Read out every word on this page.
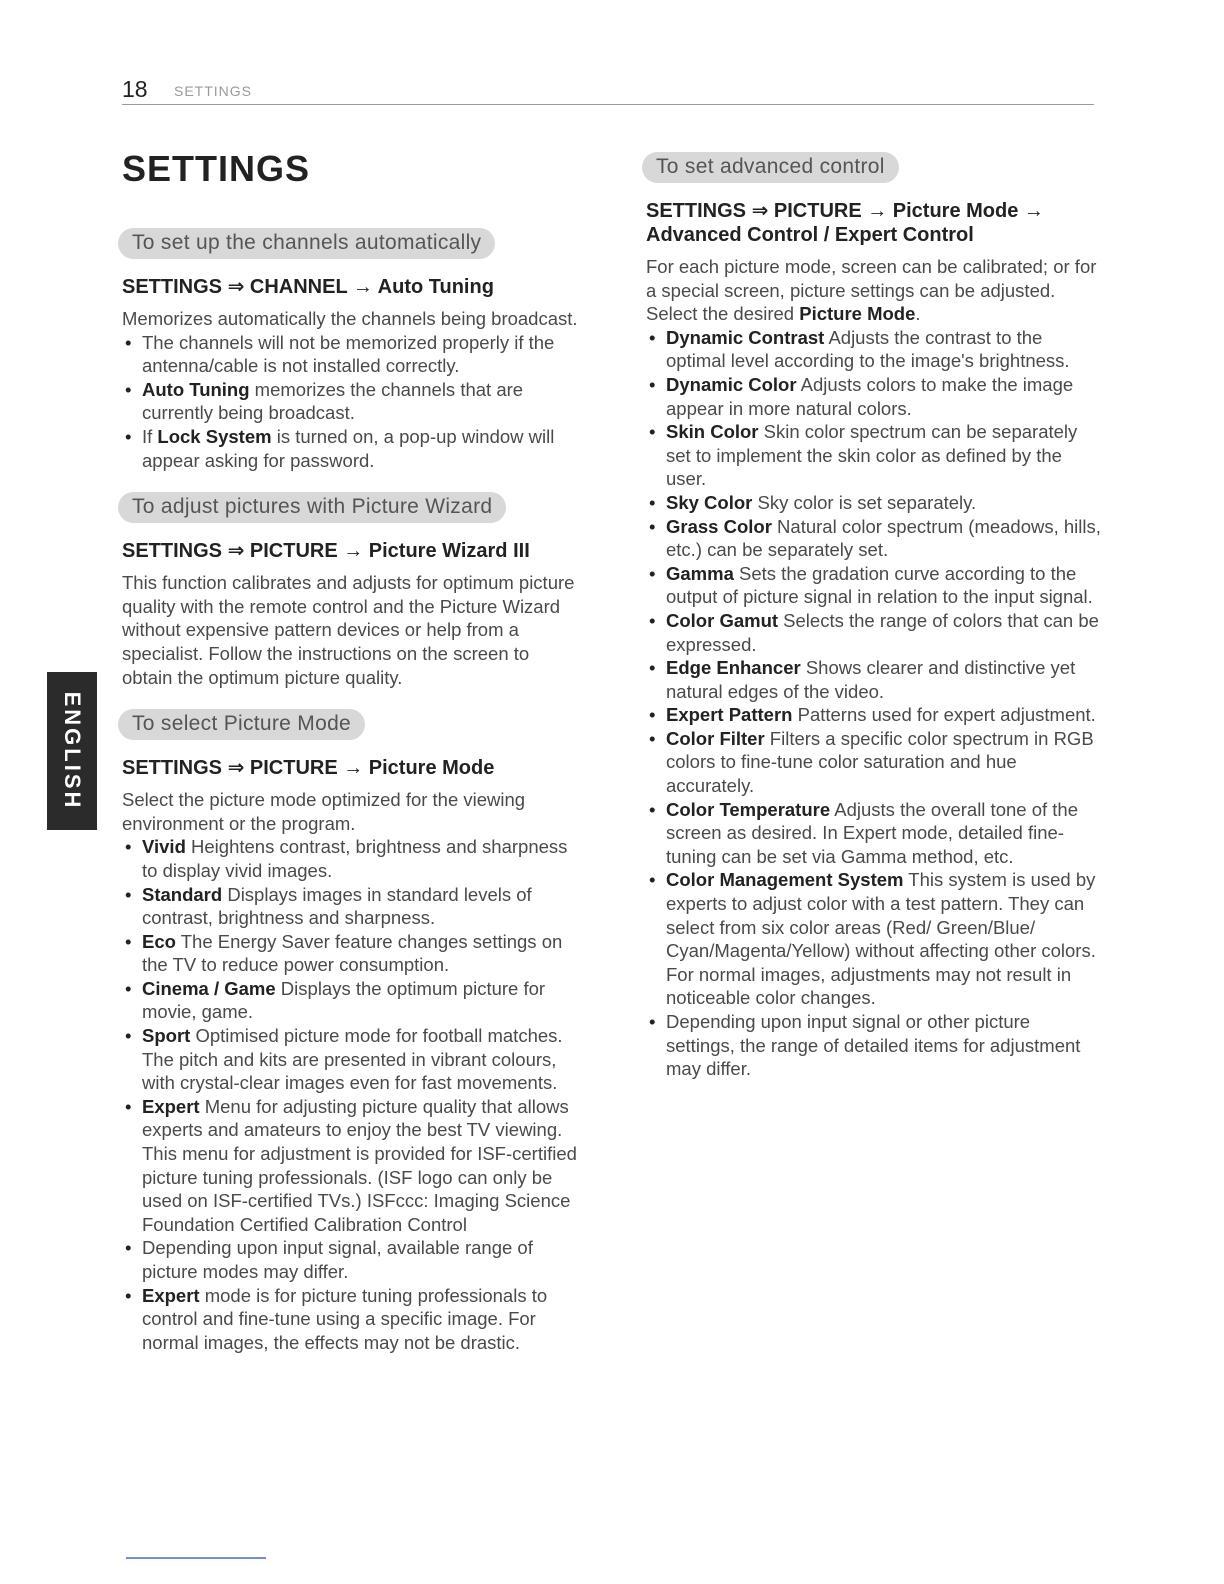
18 SETTINGS
SETTINGS
ENGLISH
To set up the channels automatically
SETTINGS ⇒ CHANNEL → Auto Tuning

Memorizes automatically the channels being broadcast.

• The channels will not be memorized properly if the antenna/cable is not installed correctly.
• Auto Tuning memorizes the channels that are currently being broadcast.
• If Lock System is turned on, a pop-up window will appear asking for password.
To adjust pictures with Picture Wizard
SETTINGS ⇒ PICTURE → Picture Wizard III

This function calibrates and adjusts for optimum picture quality with the remote control and the Picture Wizard without expensive pattern devices or help from a specialist. Follow the instructions on the screen to obtain the optimum picture quality.

To select Picture Mode
SETTINGS ⇒ PICTURE → Picture Mode

Select the picture mode optimized for the viewing environment or the program.

• Vivid Heightens contrast, brightness and sharpness to display vivid images.
• Standard Displays images in standard levels of contrast, brightness and sharpness.
• Eco The Energy Saver feature changes settings on the TV to reduce power consumption.
• Cinema / Game Displays the optimum picture for movie, game.
• Sport Optimised picture mode for football matches. The pitch and kits are presented in vibrant colours, with crystal-clear images even for fast movements.
• Expert Menu for adjusting picture quality that allows experts and amateurs to enjoy the best TV viewing. This menu for adjustment is provided for ISF-certified picture tuning professionals. (ISF logo can only be used on ISF-certified TVs.) ISFccc: Imaging Science Foundation Certified Calibration Control
• Depending upon input signal, available range of picture modes may differ.
• Expert mode is for picture tuning professionals to control and fine-tune using a specific image. For normal images, the effects may not be drastic.
To set advanced control
SETTINGS ⇒ PICTURE → Picture Mode →
Advanced Control / Expert Control

For each picture mode, screen can be calibrated; or for a special screen, picture settings can be adjusted. Select the desired Picture Mode.

• Dynamic Contrast Adjusts the contrast to the optimal level according to the image's brightness.
• Dynamic Color Adjusts colors to make the image appear in more natural colors.
• Skin Color Skin color spectrum can be separately set to implement the skin color as defined by the user.
• Sky Color Sky color is set separately.
• Grass Color Natural color spectrum (meadows, hills, etc.) can be separately set.
• Gamma Sets the gradation curve according to the output of picture signal in relation to the input signal.
• Color Gamut Selects the range of colors that can be expressed.
• Edge Enhancer Shows clearer and distinctive yet natural edges of the video.
• Expert Pattern Patterns used for expert adjustment.
• Color Filter Filters a specific color spectrum in RGB colors to fine-tune color saturation and hue accurately.
• Color Temperature Adjusts the overall tone of the screen as desired. In Expert mode, detailed fine-tuning can be set via Gamma method, etc.
• Color Management System This system is used by experts to adjust color with a test pattern. They can select from six color areas (Red/ Green/Blue/ Cyan/Magenta/Yellow) without affecting other colors. For normal images, adjustments may not result in noticeable color changes.
• Depending upon input signal or other picture settings, the range of detailed items for adjustment may differ.
